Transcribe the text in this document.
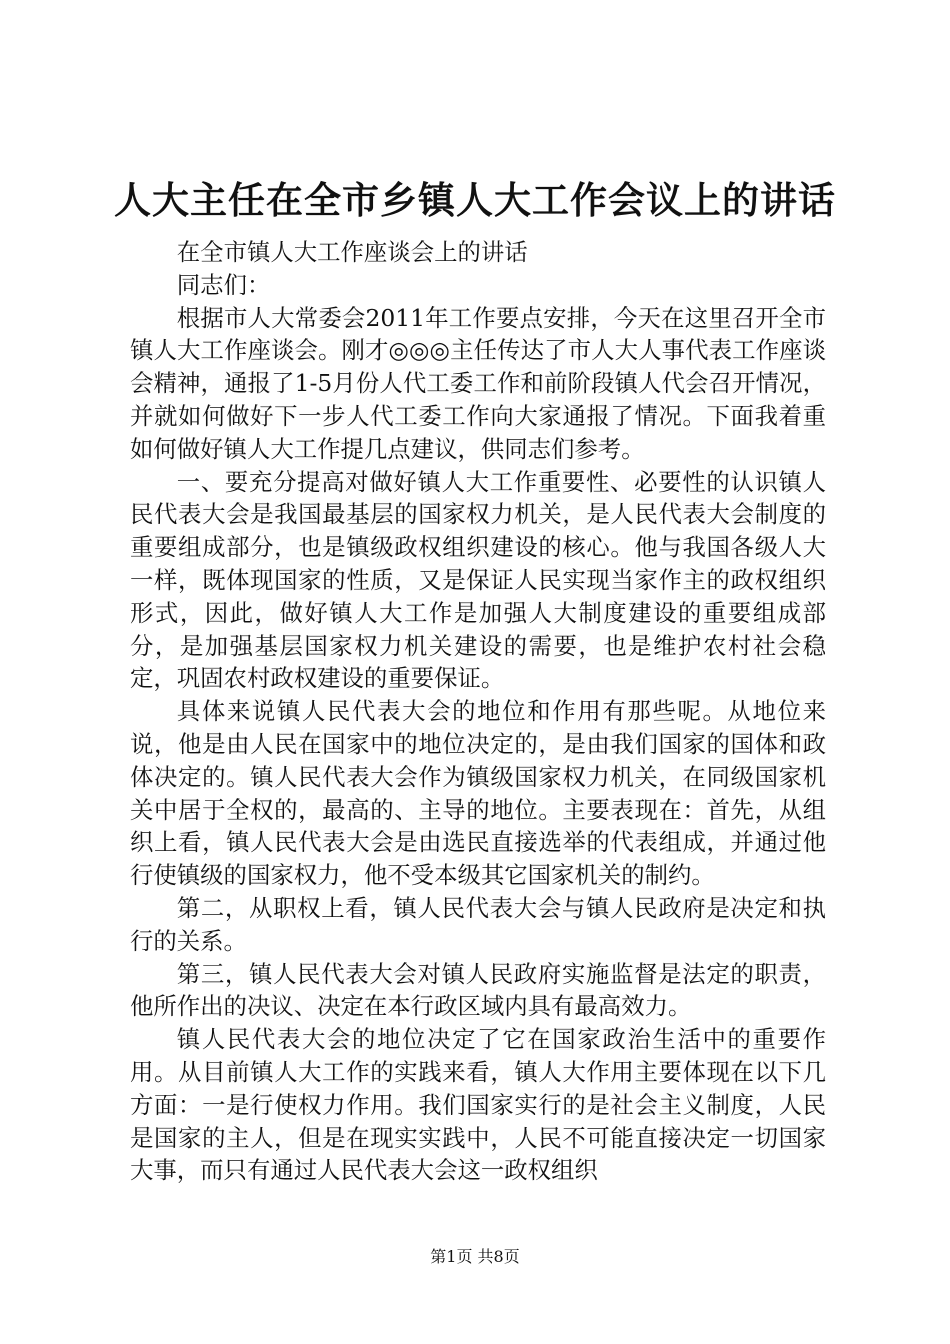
人大主任在全市乡镇人大工作会议上的讲话

在全市镇人大工作座谈会上的讲话

同志们：

根据市人大常委会2011年工作要点安排，今天在这里召开全市镇人大工作座谈会。刚才◎◎◎主任传达了市人大人事代表工作座谈会精神，通报了1-5月份人代工委工作和前阶段镇人代会召开情况，并就如何做好下一步人代工委工作向大家通报了情况。下面我着重如何做好镇人大工作提几点建议，供同志们参考。

一、要充分提高对做好镇人大工作重要性、必要性的认识镇人民代表大会是我国最基层的国家权力机关，是人民代表大会制度的重要组成部分，也是镇级政权组织建设的核心。他与我国各级人大一样，既体现国家的性质，又是保证人民实现当家作主的政权组织形式，因此，做好镇人大工作是加强人大制度建设的重要组成部分，是加强基层国家权力机关建设的需要，也是维护农村社会稳定，巩固农村政权建设的重要保证。

具体来说镇人民代表大会的地位和作用有那些呢。从地位来说，他是由人民在国家中的地位决定的，是由我们国家的国体和政体决定的。镇人民代表大会作为镇级国家权力机关，在同级国家机关中居于全权的，最高的、主导的地位。主要表现在：首先，从组织上看，镇人民代表大会是由选民直接选举的代表组成，并通过他行使镇级的国家权力，他不受本级其它国家机关的制约。

第二，从职权上看，镇人民代表大会与镇人民政府是决定和执行的关系。

第三，镇人民代表大会对镇人民政府实施监督是法定的职责，他所作出的决议、决定在本行政区域内具有最高效力。

镇人民代表大会的地位决定了它在国家政治生活中的重要作用。从目前镇人大工作的实践来看，镇人大作用主要体现在以下几方面：一是行使权力作用。我们国家实行的是社会主义制度，人民是国家的主人，但是在现实实践中，人民不可能直接决定一切国家大事，而只有通过人民代表大会这一政权组织

第1页 共8页
